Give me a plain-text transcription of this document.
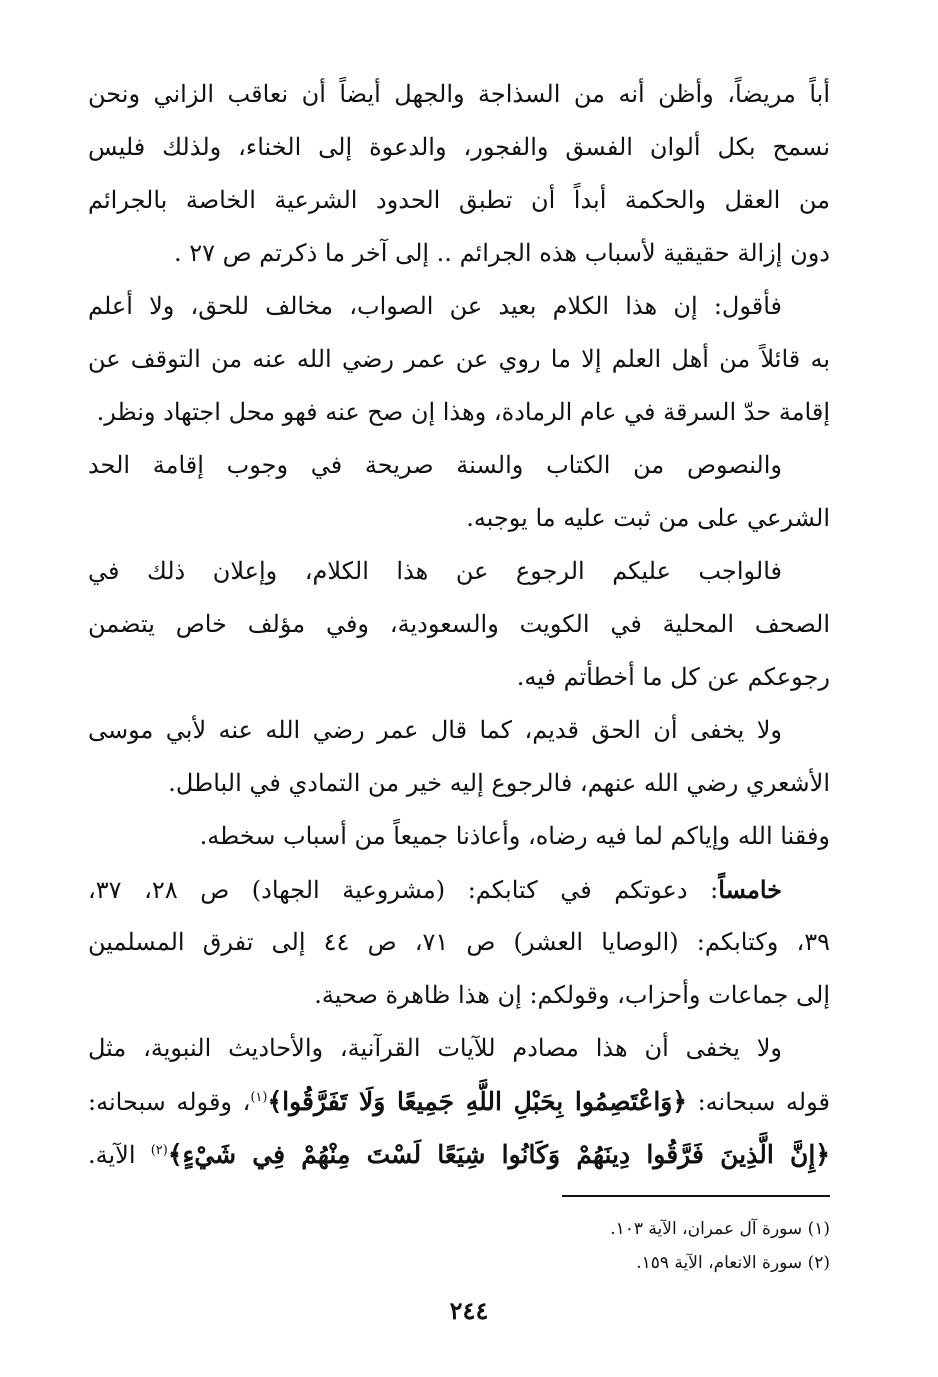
أباً مريضاً، وأظن أنه من السذاجة والجهل أيضاً أن نعاقب الزاني ونحن
نسمح بكل ألوان الفسق والفجور، والدعوة إلى الخناء، ولذلك فليس
من العقل والحكمة أبداً أن تطبق الحدود الشرعية الخاصة بالجرائم
دون إزالة حقيقية لأسباب هذه الجرائم .. إلى آخر ما ذكرتم ص ٢٧ .
فأقول: إن هذا الكلام بعيد عن الصواب، مخالف للحق، ولا أعلم
به قائلاً من أهل العلم إلا ما روي عن عمر رضي الله عنه من التوقف عن
إقامة حدّ السرقة في عام الرمادة، وهذا إن صح عنه فهو محل اجتهاد ونظر.
والنصوص من الكتاب والسنة صريحة في وجوب إقامة الحد
الشرعي على من ثبت عليه ما يوجبه.
فالواجب عليكم الرجوع عن هذا الكلام، وإعلان ذلك في
الصحف المحلية في الكويت والسعودية، وفي مؤلف خاص يتضمن
رجوعكم عن كل ما أخطأتم فيه.
ولا يخفى أن الحق قديم، كما قال عمر رضي الله عنه لأبي موسى
الأشعري رضي الله عنهم، فالرجوع إليه خير من التمادي في الباطل.
وفقنا الله وإياكم لما فيه رضاه، وأعاذنا جميعاً من أسباب سخطه.
خامساً: دعوتكم في كتابكم: (مشروعية الجهاد) ص ٢٨، ٣٧،
٣٩، وكتابكم: (الوصايا العشر) ص ٧١، ص ٤٤ إلى تفرق المسلمين
إلى جماعات وأحزاب، وقولكم: إن هذا ظاهرة صحية.
ولا يخفى أن هذا مصادم للآيات القرآنية، والأحاديث النبوية، مثل
قوله سبحانه: ﴿وَاعْتَصِمُوا بِحَبْلِ اللَّهِ جَمِيعًا وَلَا تَفَرَّقُوا﴾$^{(١)}$، وقوله سبحانه:
﴿إِنَّ الَّذِينَ فَرَّقُوا دِينَهُمْ وَكَانُوا شِيَعًا لَسْتَ مِنْهُمْ فِي شَيْءٍ﴾$^{(٢)}$ الآية.
(١) سورة آل عمران، الآية ١٠٣.
(٢) سورة الانعام، الآية ١٥٩.
٢٤٤
